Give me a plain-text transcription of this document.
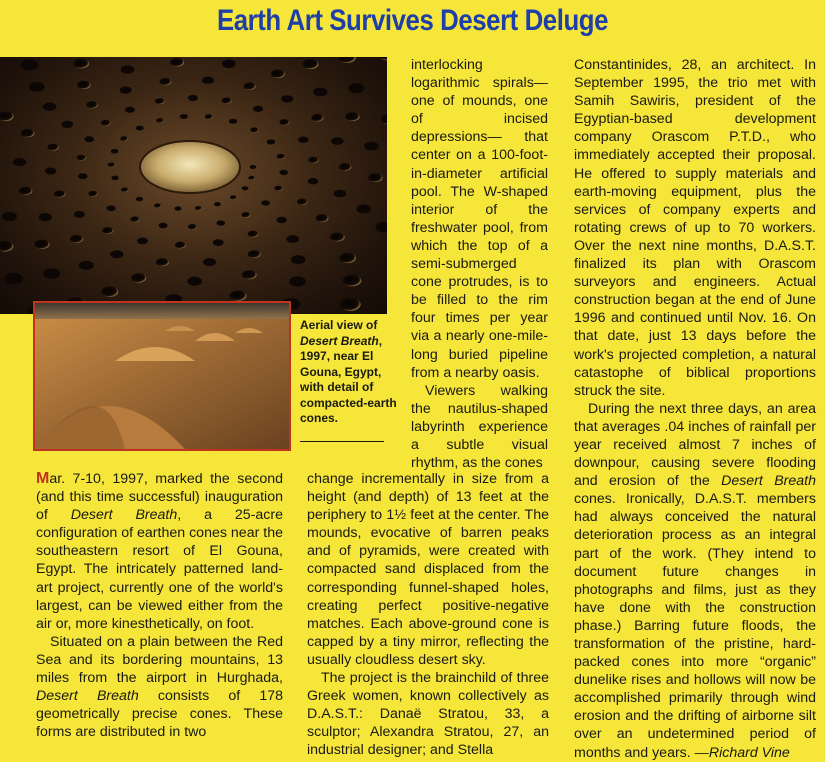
Earth Art Survives Desert Deluge

Aerial view of Desert Breath, 1997, near El Gouna, Egypt, with detail of compacted-earth cones.

Mar. 7-10, 1997, marked the second (and this time successful) inauguration of Desert Breath, a 25-acre configuration of earthen cones near the southeastern resort of El Gouna, Egypt. The intricately patterned land-art project, currently one of the world's largest, can be viewed either from the air or, more kinesthetically, on foot.

Situated on a plain between the Red Sea and its bordering mountains, 13 miles from the airport in Hurghada, Desert Breath consists of 178 geometrically precise cones. These forms are distributed in two

interlocking logarithmic spirals—one of mounds, one of incised depressions— that center on a 100-foot-in-diameter artificial pool. The W-shaped interior of the freshwater pool, from which the top of a semi-submerged cone protrudes, is to be filled to the rim four times per year via a nearly one-mile-long buried pipeline from a nearby oasis.

Viewers walking the nautilus-shaped labyrinth experience a subtle visual rhythm, as the cones

change incrementally in size from a height (and depth) of 13 feet at the periphery to 1½ feet at the center. The mounds, evocative of barren peaks and of pyramids, were created with compacted sand displaced from the corresponding funnel-shaped holes, creating perfect positive-negative matches. Each above-ground cone is capped by a tiny mirror, reflecting the usually cloudless desert sky.

The project is the brainchild of three Greek women, known collectively as D.A.S.T.: Danaë Stratou, 33, a sculptor; Alexandra Stratou, 27, an industrial designer; and Stella

Constantinides, 28, an architect. In September 1995, the trio met with Samih Sawiris, president of the Egyptian-based development company Orascom P.T.D., who immediately accepted their proposal. He offered to supply materials and earth-moving equipment, plus the services of company experts and rotating crews of up to 70 workers. Over the next nine months, D.A.S.T. finalized its plan with Orascom surveyors and engineers. Actual construction began at the end of June 1996 and continued until Nov. 16. On that date, just 13 days before the work's projected completion, a natural catastophe of biblical proportions struck the site.

During the next three days, an area that averages .04 inches of rainfall per year received almost 7 inches of downpour, causing severe flooding and erosion of the Desert Breath cones. Ironically, D.A.S.T. members had always conceived the natural deterioration process as an integral part of the work. (They intend to document future changes in photographs and films, just as they have done with the construction phase.) Barring future floods, the transformation of the pristine, hard-packed cones into more “organic” dunelike rises and hollows will now be accomplished primarily through wind erosion and the drifting of airborne silt over an undetermined period of months and years. —Richard Vine
